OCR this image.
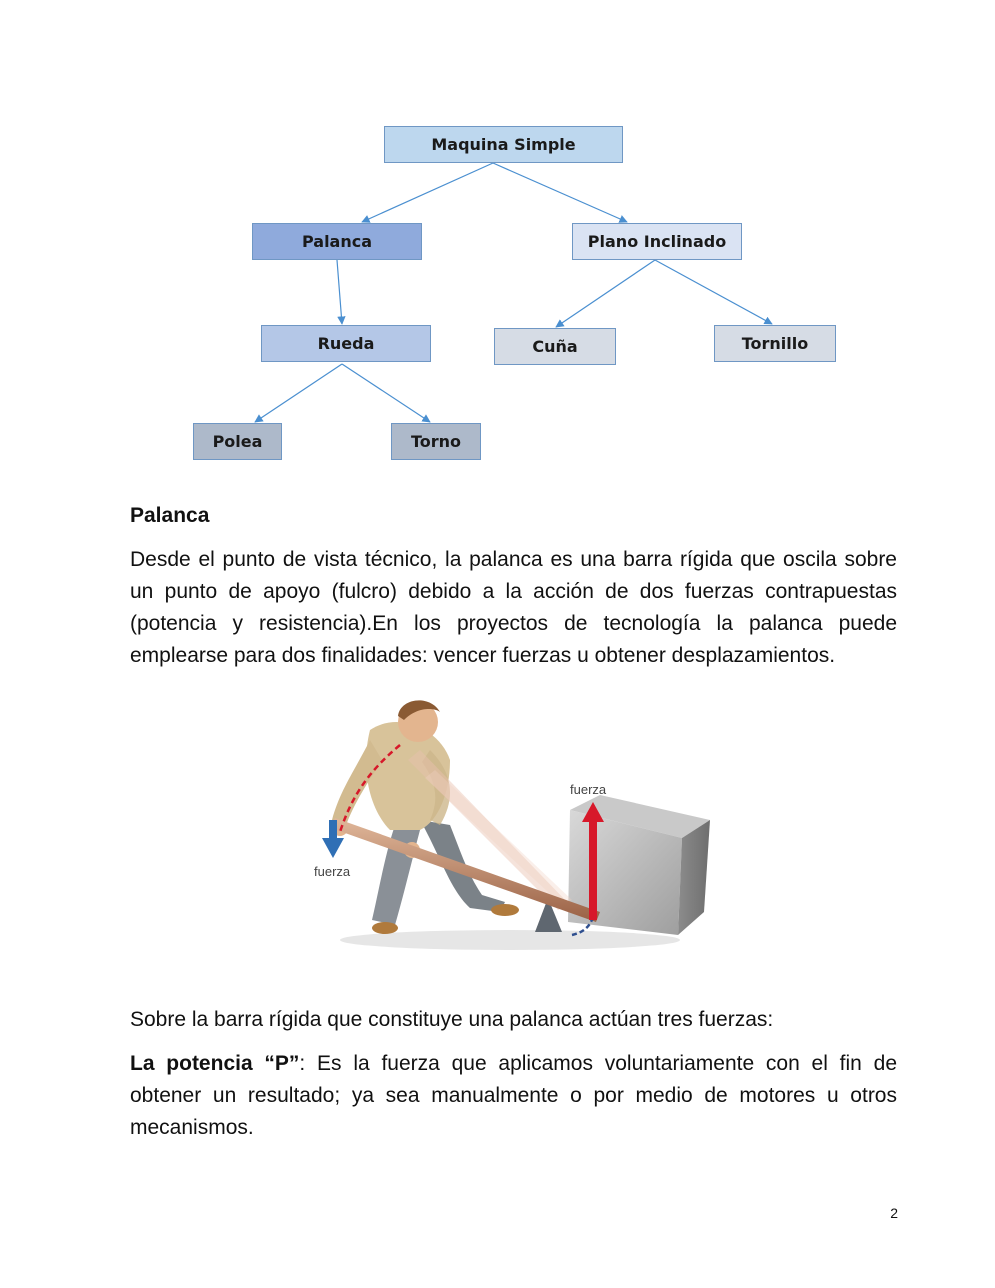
Maquina Simple
Palanca	Plano Inclinado
Rueda	Cuña	Tornillo
Polea	Torno
Palanca
Desde el punto de vista técnico, la palanca es una barra rígida que oscila sobre
un punto de apoyo (fulcro) debido a la acción de dos fuerzas contrapuestas
(potencia y resistencia).En los proyectos de tecnología la palanca puede
emplearse para dos finalidades: vencer fuerzas u obtener desplazamientos.
fuerza
fuerza
Sobre la barra rígida que constituye una palanca actúan tres fuerzas:
La potencia “P”: Es la fuerza que aplicamos voluntariamente con el fin de
obtener un resultado; ya sea manualmente o por medio de motores u otros
mecanismos.
2
